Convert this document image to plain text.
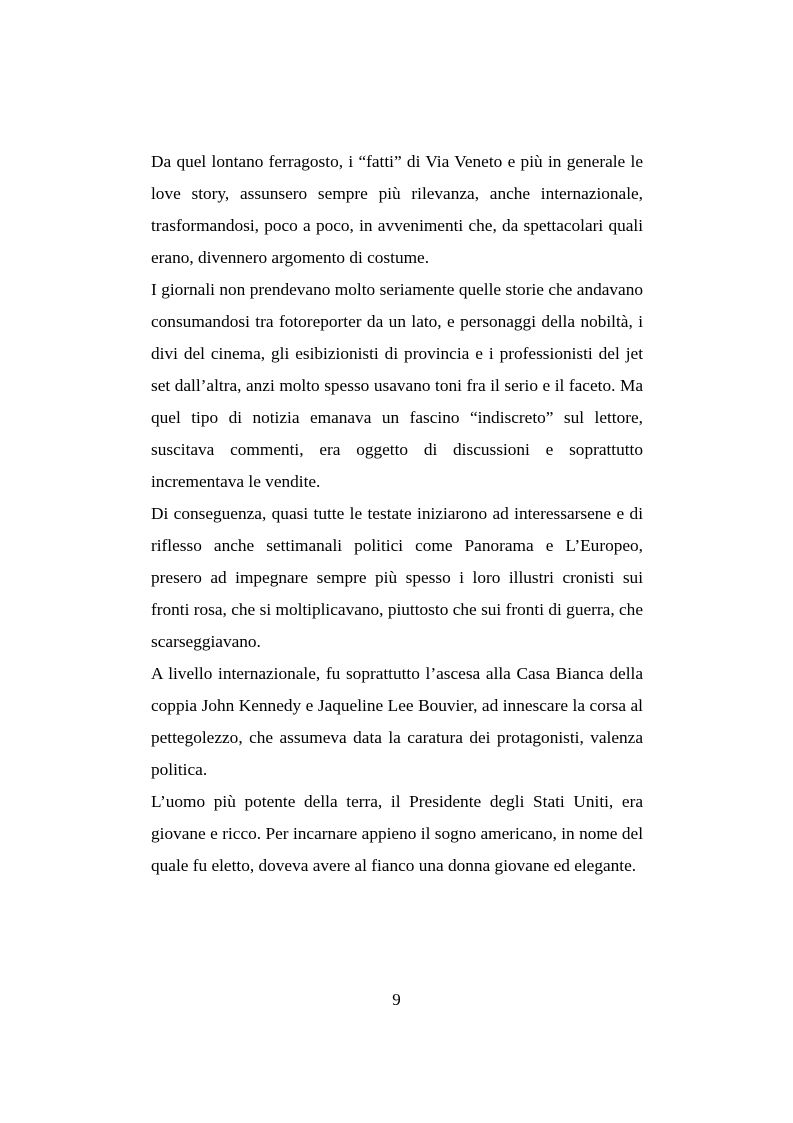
Da quel lontano ferragosto, i “fatti” di Via Veneto e più in generale le love story, assunsero sempre più rilevanza, anche internazionale, trasformandosi, poco a poco, in avvenimenti che, da spettacolari quali erano, divennero argomento di costume.

I giornali non prendevano molto seriamente quelle storie che andavano consumandosi tra fotoreporter da un lato, e personaggi della nobiltà, i divi del cinema, gli esibizionisti di provincia e i professionisti del jet set dall’altra, anzi molto spesso usavano toni fra il serio e il faceto. Ma quel tipo di notizia emanava un fascino “indiscreto” sul lettore, suscitava commenti, era oggetto di discussioni e soprattutto incrementava le vendite.

Di conseguenza, quasi tutte le testate iniziarono ad interessarsene e di riflesso anche settimanali politici come Panorama e L’Europeo, presero ad impegnare sempre più spesso i loro illustri cronisti sui fronti rosa, che si moltiplicavano, piuttosto che sui fronti di guerra, che scarseggiavano.

A livello internazionale, fu soprattutto l’ascesa alla Casa Bianca della coppia John Kennedy e Jaqueline Lee Bouvier, ad innescare la corsa al pettegolezzo, che assumeva data la caratura dei protagonisti, valenza politica.

L’uomo più potente della terra, il Presidente degli Stati Uniti, era giovane e ricco. Per incarnare appieno il sogno americano, in nome del quale fu eletto, doveva avere al fianco una donna giovane ed elegante.

9
